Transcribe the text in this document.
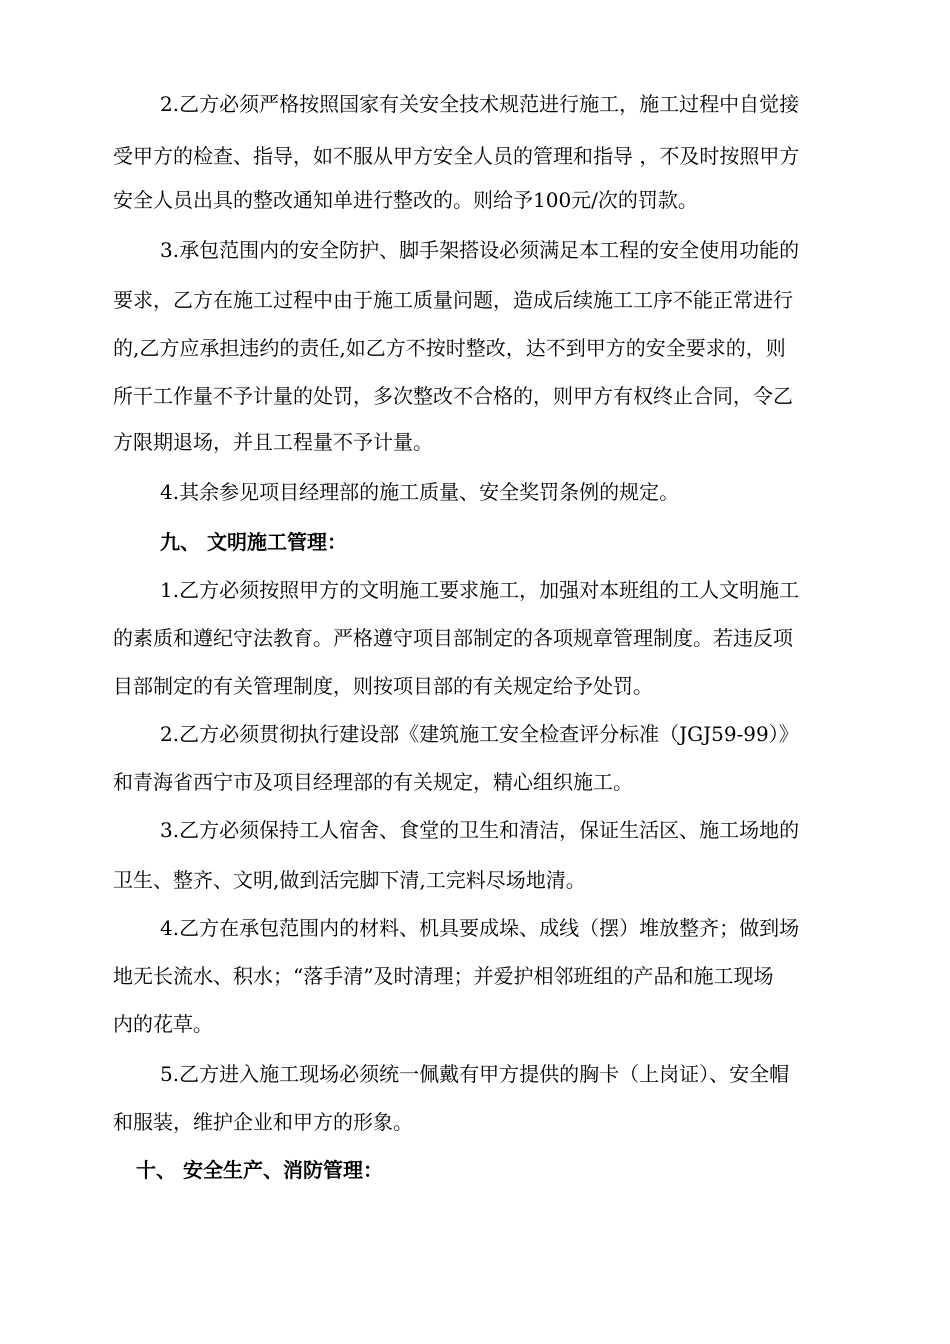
2.乙方必须严格按照国家有关安全技术规范进行施工，施工过程中自觉接
受甲方的检查、指导，如不服从甲方安全人员的管理和指导 ，不及时按照甲方
安全人员出具的整改通知单进行整改的。则给予100元/次的罚款。
3.承包范围内的安全防护、脚手架搭设必须满足本工程的安全使用功能的
要求，乙方在施工过程中由于施工质量问题，造成后续施工工序不能正常进行
的,乙方应承担违约的责任,如乙方不按时整改，达不到甲方的安全要求的，则
所干工作量不予计量的处罚，多次整改不合格的，则甲方有权终止合同，令乙
方限期退场，并且工程量不予计量。
4.其余参见项目经理部的施工质量、安全奖罚条例的规定。
九、 文明施工管理：
1.乙方必须按照甲方的文明施工要求施工，加强对本班组的工人文明施工
的素质和遵纪守法教育。严格遵守项目部制定的各项规章管理制度。若违反项
目部制定的有关管理制度，则按项目部的有关规定给予处罚。
2.乙方必须贯彻执行建设部《建筑施工安全检查评分标准（JGJ59-99）》
和青海省西宁市及项目经理部的有关规定，精心组织施工。
3.乙方必须保持工人宿舍、食堂的卫生和清洁，保证生活区、施工场地的
卫生、整齐、文明,做到活完脚下清,工完料尽场地清。
4.乙方在承包范围内的材料、机具要成垛、成线（摆）堆放整齐；做到场
地无长流水、积水；“落手清”及时清理；并爱护相邻班组的产品和施工现场
内的花草。
5.乙方进入施工现场必须统一佩戴有甲方提供的胸卡（上岗证）、安全帽
和服装，维护企业和甲方的形象。
十、 安全生产、消防管理：
